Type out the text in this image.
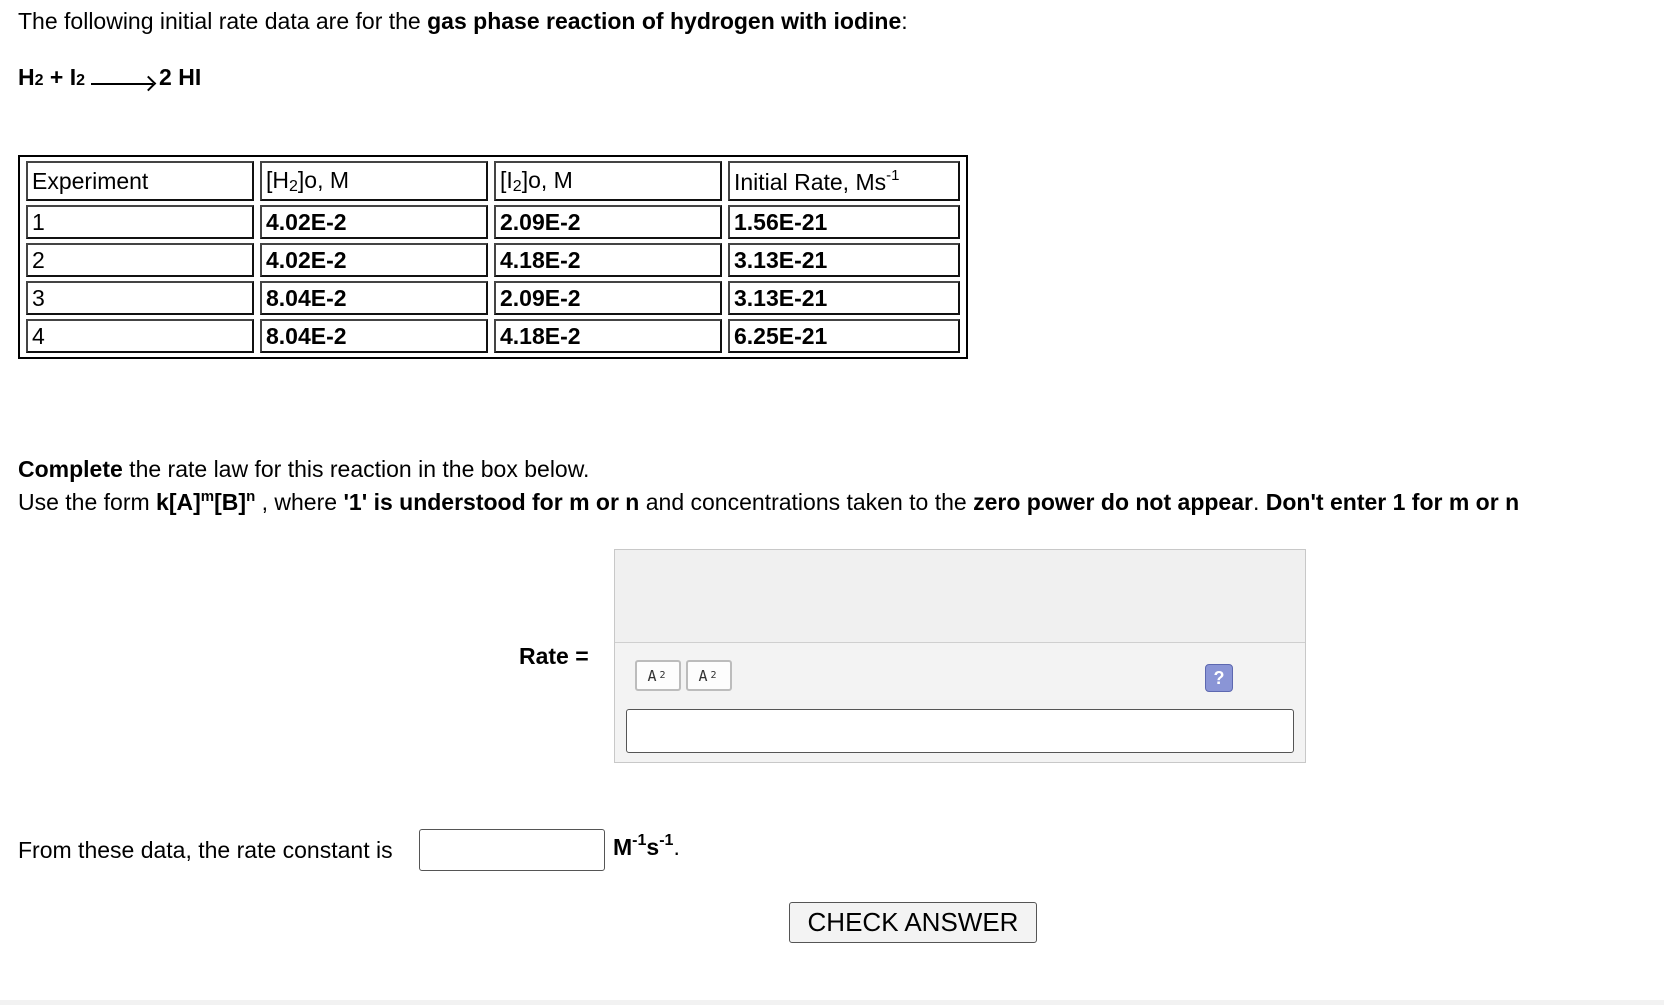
The following initial rate data are for the gas phase reaction of hydrogen with iodine:
H 2 + I 2	2 HI
Experiment	$[H_2]o$, M	$[I_2]o$, M	Initial Rate, $Ms^{-1}$
1	4.02E-2	2.09E-2	1.56E-21
2	4.02E-2	4.18E-2	3.13E-21
3	8.04E-2	2.09E-2	3.13E-21
4	8.04E-2	4.18E-2	6.25E-21
Complete the rate law for this reaction in the box below.
Use the form $k[A]^m[B]^n$ , where '1' is understood for m or n and concentrations taken to the zero power do not appear. Don't enter 1 for m or n
Rate =
A 2 A 2	?
From these data, the rate constant is	$M^{-1}s^{-1}$.
CHECK ANSWER
